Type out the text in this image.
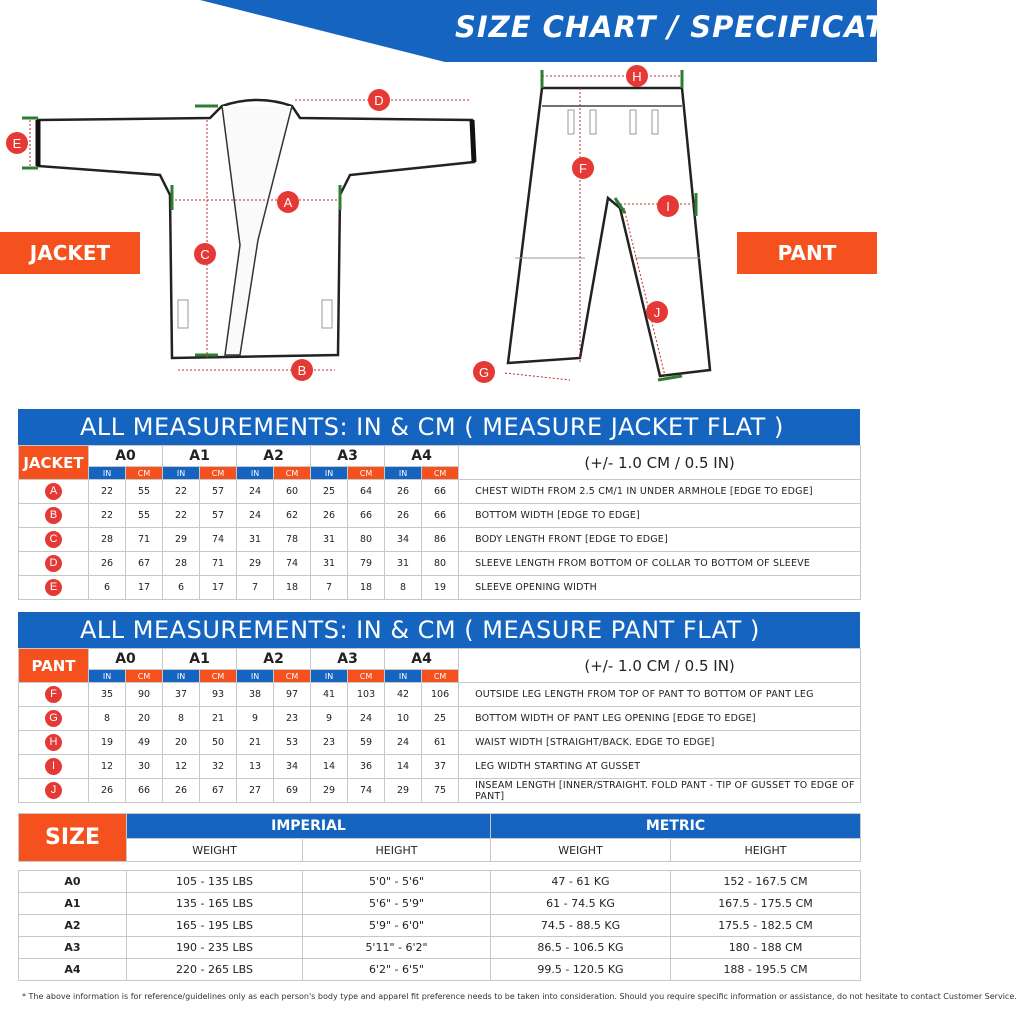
SIZE CHART / SPECIFICATIONS
JACKET	PANT
A
B
C
D
E
H
F
G
I
J
ALL MEASUREMENTS: IN & CM ( MEASURE JACKET FLAT )
JACKET	A0		A1		A2		A3		A4		(+/- 1.0 CM / 0.5 IN)
	IN	CM	IN	CM	IN	CM	IN	CM	IN	CM	

A	22	55	22	57	24	60	25	64	26	66	CHEST WIDTH FROM 2.5 CM/1 IN UNDER ARMHOLE [EDGE TO EDGE]

B	22	55	22	57	24	62	26	66	26	66	BOTTOM WIDTH [EDGE TO EDGE]

C	28	71	29	74	31	78	31	80	34	86	BODY LENGTH FRONT [EDGE TO EDGE]

D	26	67	28	71	29	74	31	79	31	80	SLEEVE LENGTH FROM BOTTOM OF COLLAR TO BOTTOM OF SLEEVE

E	6	17	6	17	7	18	7	18	8	19	SLEEVE OPENING WIDTH
ALL MEASUREMENTS: IN & CM ( MEASURE PANT FLAT )
PANT	A0		A1		A2		A3		A4		(+/- 1.0 CM / 0.5 IN)
	IN	CM	IN	CM	IN	CM	IN	CM	IN	CM	

F	35	90	37	93	38	97	41	103	42	106	OUTSIDE LEG LENGTH FROM TOP OF PANT TO BOTTOM OF PANT LEG

G	8	20	8	21	9	23	9	24	10	25	BOTTOM WIDTH OF PANT LEG OPENING [EDGE TO EDGE]

H	19	49	20	50	21	53	23	59	24	61	WAIST WIDTH [STRAIGHT/BACK. EDGE TO EDGE]

I	12	30	12	32	13	34	14	36	14	37	LEG WIDTH STARTING AT GUSSET

J	26	66	26	67	27	69	29	74	29	75	INSEAM LENGTH [INNER/STRAIGHT. FOLD PANT - TIP OF GUSSET TO EDGE OF PANT]
SIZE	IMPERIAL		METRIC	
	WEIGHT	HEIGHT	WEIGHT	HEIGHT

A0	105 - 135 LBS	5'0" - 5'6"	47 - 61 KG	152 - 167.5 CM
A1	135 - 165 LBS	5'6" - 5'9"	61 - 74.5 KG	167.5 - 175.5 CM
A2	165 - 195 LBS	5'9" - 6'0"	74.5 - 88.5 KG	175.5 - 182.5 CM
A3	190 - 235 LBS	5'11" - 6'2"	86.5 - 106.5 KG	180 - 188 CM
A4	220 - 265 LBS	6'2" - 6'5"	99.5 - 120.5 KG	188 - 195.5 CM
* The above information is for reference/guidelines only as each person's body type and apparel fit preference needs to be taken into consideration. Should you require specific information or assistance, do not hesitate to contact Customer Service.
